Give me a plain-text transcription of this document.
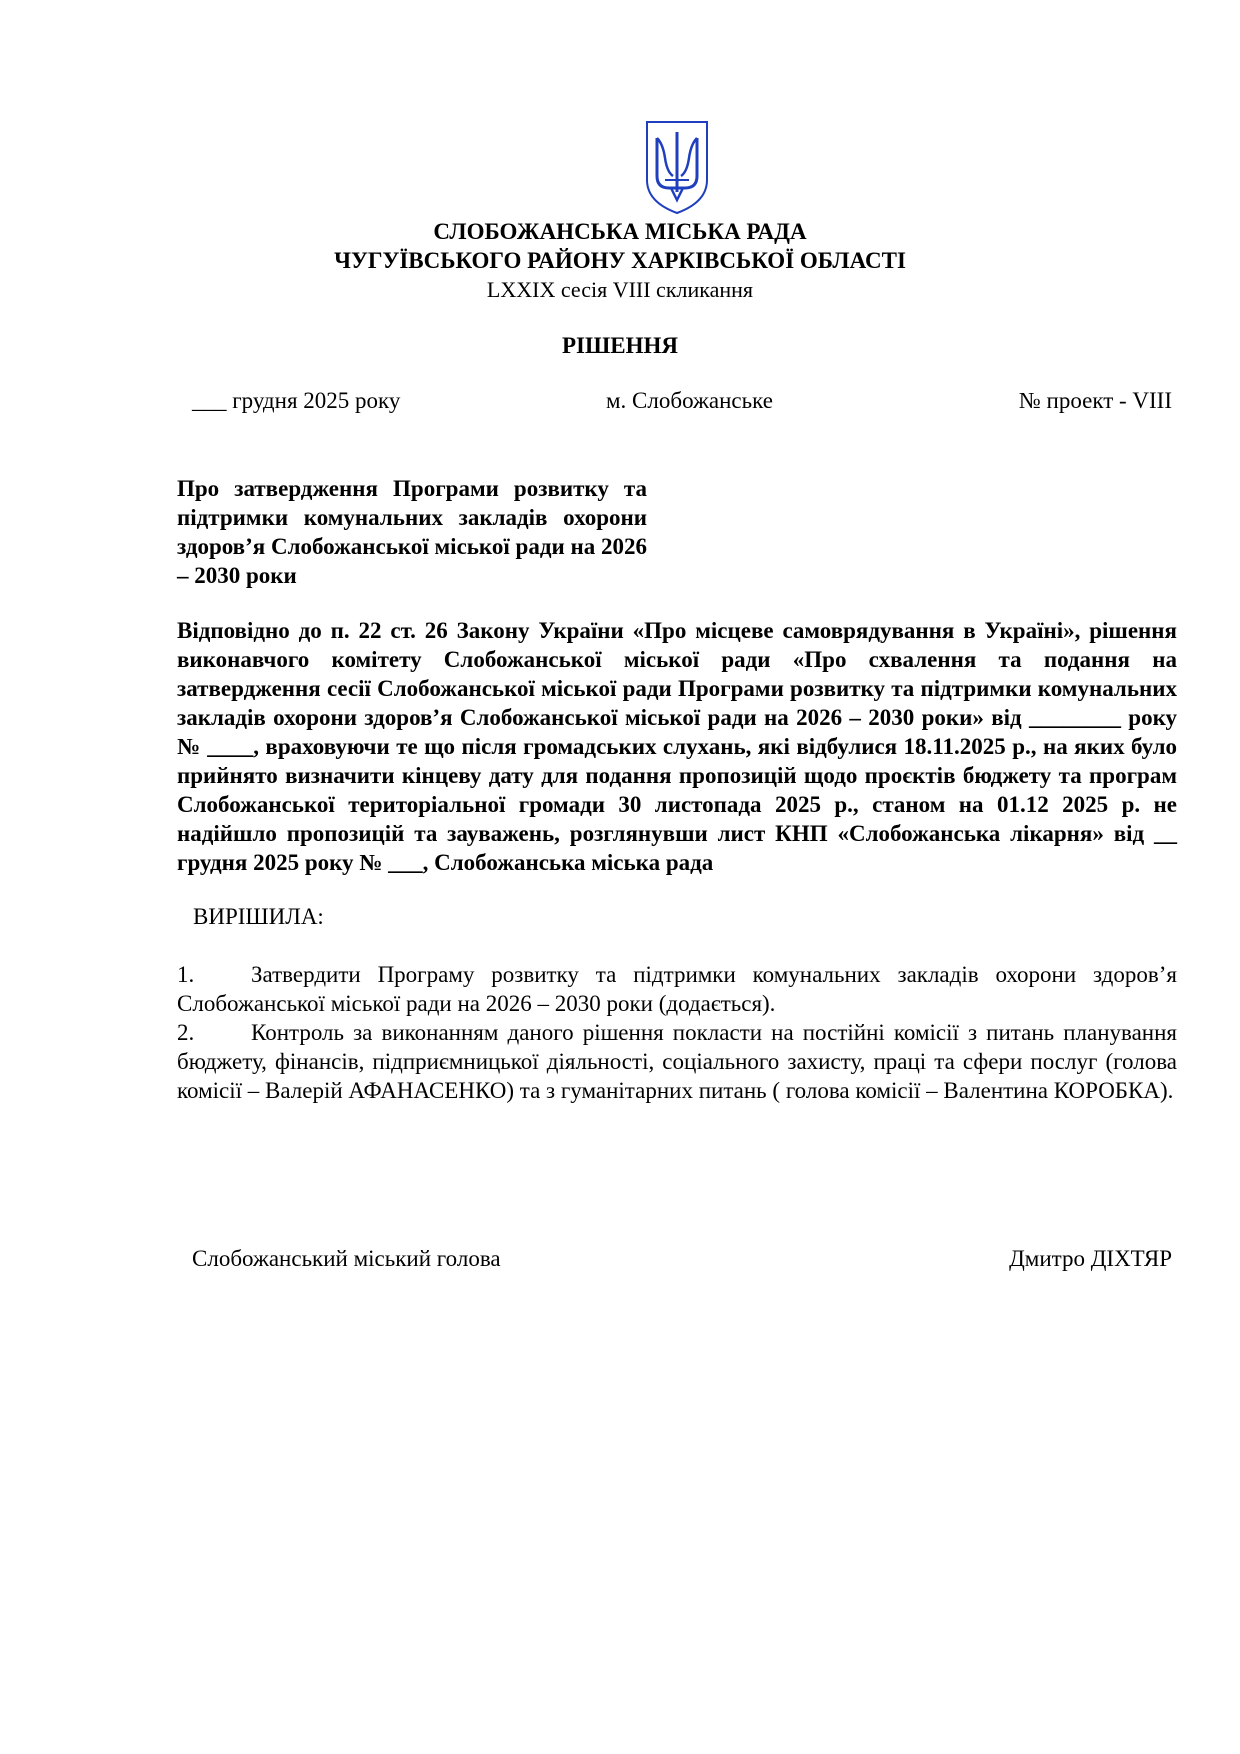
СЛОБОЖАНСЬКА МІСЬКА РАДА
ЧУГУЇВСЬКОГО РАЙОНУ ХАРКІВСЬКОЇ ОБЛАСТІ
LXXIX сесія VIII скликання
РІШЕННЯ
___ грудня 2025 року	м. Слобожанське	№ проект - VIII
Про затвердження Програми розвитку та підтримки комунальних закладів охорони здоров’я Слобожанської міської ради на 2026 – 2030 роки
Відповідно до п. 22 ст. 26 Закону України «Про місцеве самоврядування в Україні», рішення виконавчого комітету Слобожанської міської ради «Про схвалення та подання на затвердження сесії Слобожанської міської ради Програми розвитку та підтримки комунальних закладів охорони здоров’я Слобожанської міської ради на 2026 – 2030 роки» від ________ року № ____, враховуючи те що після громадських слухань, які відбулися 18.11.2025 р., на яких було прийнято визначити кінцеву дату для подання пропозицій щодо проєктів бюджету та програм Слобожанської територіальної громади 30 листопада 2025 р., станом на 01.12 2025 р. не надійшло пропозицій та зауважень, розглянувши лист КНП «Слобожанська лікарня» від __ грудня 2025 року № ___, Слобожанська міська рада
ВИРІШИЛА:
1. Затвердити Програму розвитку та підтримки комунальних закладів охорони здоров’я Слобожанської міської ради на 2026 – 2030 роки (додається).
2. Контроль за виконанням даного рішення покласти на постійні комісії з питань планування бюджету, фінансів, підприємницької діяльності, соціального захисту, праці та сфери послуг (голова комісії – Валерій АФАНАСЕНКО) та з гуманітарних питань ( голова комісії – Валентина КОРОБКА).
Слобожанський міський голова	Дмитро ДІХТЯР
